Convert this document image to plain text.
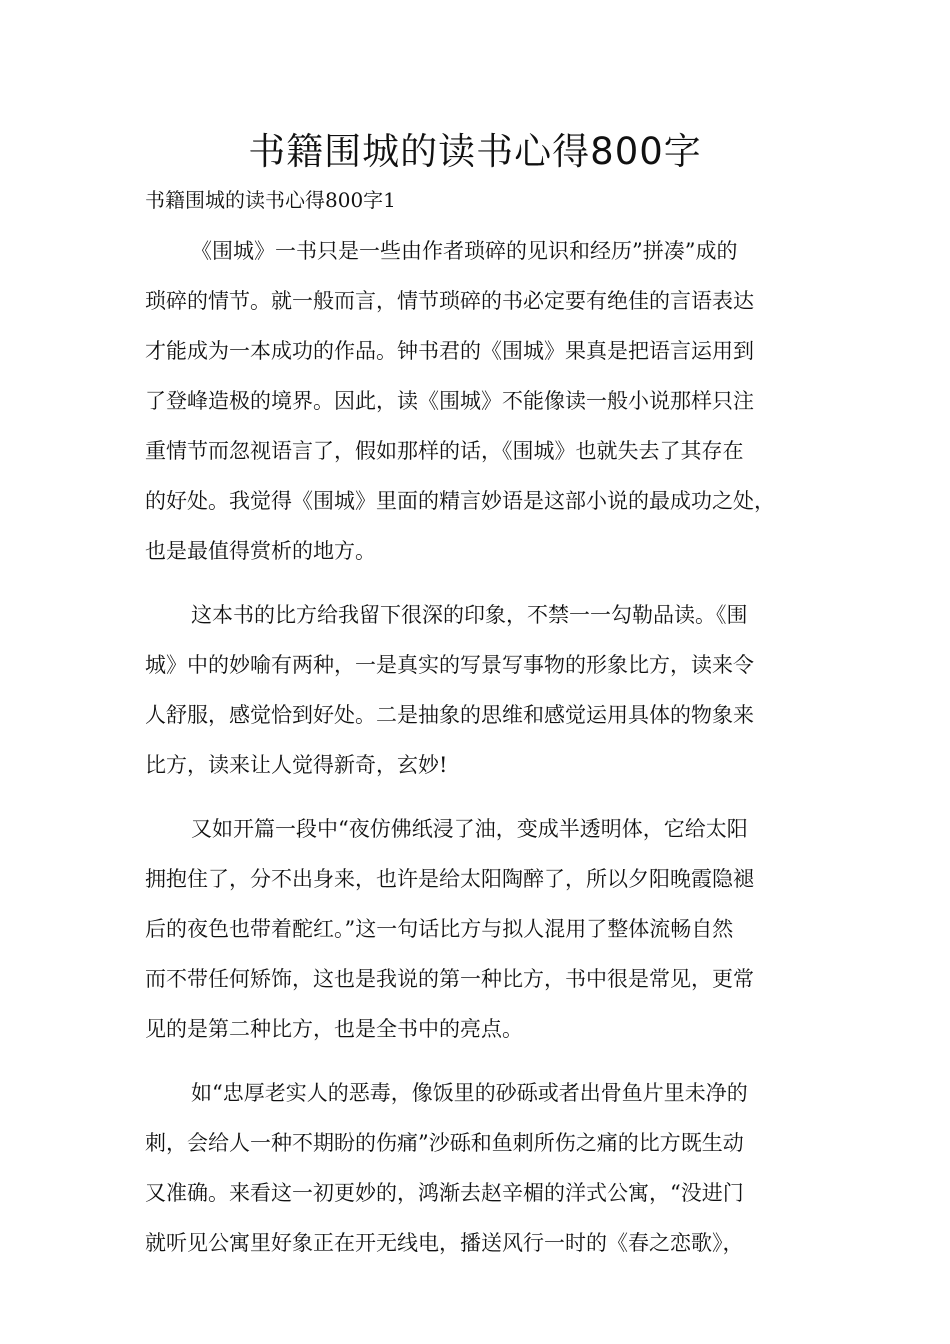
书籍围城的读书心得800字
书籍围城的读书心得800字1
《围城》一书只是一些由作者琐碎的见识和经历”拼凑”成的
琐碎的情节。就一般而言，情节琐碎的书必定要有绝佳的言语表达
才能成为一本成功的作品。钟书君的《围城》果真是把语言运用到
了登峰造极的境界。因此，读《围城》不能像读一般小说那样只注
重情节而忽视语言了，假如那样的话，《围城》也就失去了其存在
的好处。我觉得《围城》里面的精言妙语是这部小说的最成功之处，
也是最值得赏析的地方。
这本书的比方给我留下很深的印象，不禁一一勾勒品读。《围
城》中的妙喻有两种，一是真实的写景写事物的形象比方，读来令
人舒服，感觉恰到好处。二是抽象的思维和感觉运用具体的物象来
比方，读来让人觉得新奇，玄妙!
又如开篇一段中“夜仿佛纸浸了油，变成半透明体，它给太阳
拥抱住了，分不出身来，也许是给太阳陶醉了，所以夕阳晚霞隐褪
后的夜色也带着酡红。”这一句话比方与拟人混用了整体流畅自然
而不带任何矫饰，这也是我说的第一种比方，书中很是常见，更常
见的是第二种比方，也是全书中的亮点。
如“忠厚老实人的恶毒，像饭里的砂砾或者出骨鱼片里未净的
刺，会给人一种不期盼的伤痛”沙砾和鱼刺所伤之痛的比方既生动
又准确。来看这一初更妙的，鸿渐去赵辛楣的洋式公寓，“没进门
就听见公寓里好象正在开无线电，播送风行一时的《春之恋歌》，
